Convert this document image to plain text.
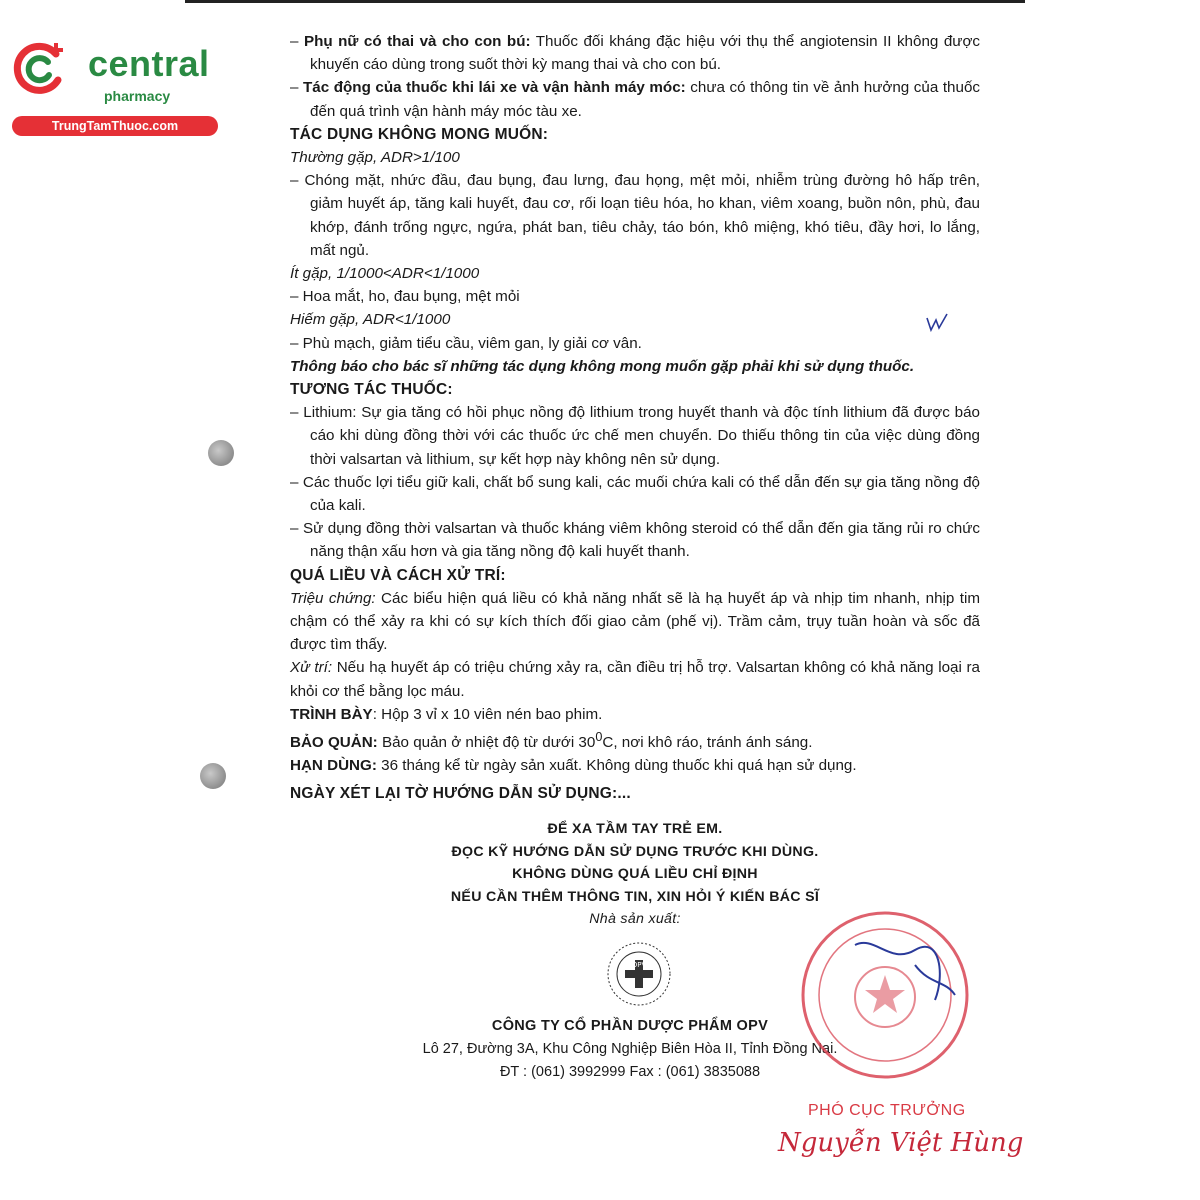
central
pharmacy
TrungTamThuoc.com

– Phụ nữ có thai và cho con bú: Thuốc đối kháng đặc hiệu với thụ thể angiotensin II không được khuyến cáo dùng trong suốt thời kỳ mang thai và cho con bú.

– Tác động của thuốc khi lái xe và vận hành máy móc: chưa có thông tin về ảnh hưởng của thuốc đến quá trình vận hành máy móc tàu xe.

TÁC DỤNG KHÔNG MONG MUỐN:

Thường gặp, ADR>1/100

– Chóng mặt, nhức đầu, đau bụng, đau lưng, đau họng, mệt mỏi, nhiễm trùng đường hô hấp trên, giảm huyết áp, tăng kali huyết, đau cơ, rối loạn tiêu hóa, ho khan, viêm xoang, buồn nôn, phù, đau khớp, đánh trống ngực, ngứa, phát ban, tiêu chảy, táo bón, khô miệng, khó tiêu, đầy hơi, lo lắng, mất ngủ.

Ít gặp, 1/1000<ADR<1/1000

– Hoa mắt, ho, đau bụng, mệt mỏi

Hiếm gặp, ADR<1/1000

– Phù mạch, giảm tiểu cầu, viêm gan, ly giải cơ vân.

Thông báo cho bác sĩ những tác dụng không mong muốn gặp phải khi sử dụng thuốc.

TƯƠNG TÁC THUỐC:

– Lithium: Sự gia tăng có hồi phục nồng độ lithium trong huyết thanh và độc tính lithium đã được báo cáo khi dùng đồng thời với các thuốc ức chế men chuyển. Do thiếu thông tin của việc dùng đồng thời valsartan và lithium, sự kết hợp này không nên sử dụng.

– Các thuốc lợi tiểu giữ kali, chất bổ sung kali, các muối chứa kali có thể dẫn đến sự gia tăng nồng độ của kali.

– Sử dụng đồng thời valsartan và thuốc kháng viêm không steroid có thể dẫn đến gia tăng rủi ro chức năng thận xấu hơn và gia tăng nồng độ kali huyết thanh.

QUÁ LIỀU VÀ CÁCH XỬ TRÍ:

Triệu chứng: Các biểu hiện quá liều có khả năng nhất sẽ là hạ huyết áp và nhịp tim nhanh, nhịp tim chậm có thể xảy ra khi có sự kích thích đối giao cảm (phế vị). Trầm cảm, trụy tuần hoàn và sốc đã được tìm thấy.

Xử trí: Nếu hạ huyết áp có triệu chứng xảy ra, cần điều trị hỗ trợ. Valsartan không có khả năng loại ra khỏi cơ thể bằng lọc máu.

TRÌNH BÀY: Hộp 3 vỉ x 10 viên nén bao phim.

BẢO QUẢN: Bảo quản ở nhiệt độ từ dưới $30^0C$, nơi khô ráo, tránh ánh sáng.

HẠN DÙNG: 36 tháng kể từ ngày sản xuất. Không dùng thuốc khi quá hạn sử dụng.

NGÀY XÉT LẠI TỜ HƯỚNG DẪN SỬ DỤNG:...

ĐỂ XA TẦM TAY TRẺ EM.
ĐỌC KỸ HƯỚNG DẪN SỬ DỤNG TRƯỚC KHI DÙNG.
KHÔNG DÙNG QUÁ LIỀU CHỈ ĐỊNH
NẾU CẦN THÊM THÔNG TIN, XIN HỎI Ý KIẾN BÁC SĨ
Nhà sản xuất:
OPV
CÔNG TY CỔ PHẦN DƯỢC PHẨM OPV
Lô 27, Đường 3A, Khu Công Nghiệp Biên Hòa II, Tỉnh Đồng Nai.
ĐT : (061) 3992999 Fax : (061) 3835088
PHÓ CỤC TRƯỞNG
Nguyễn Việt Hùng
